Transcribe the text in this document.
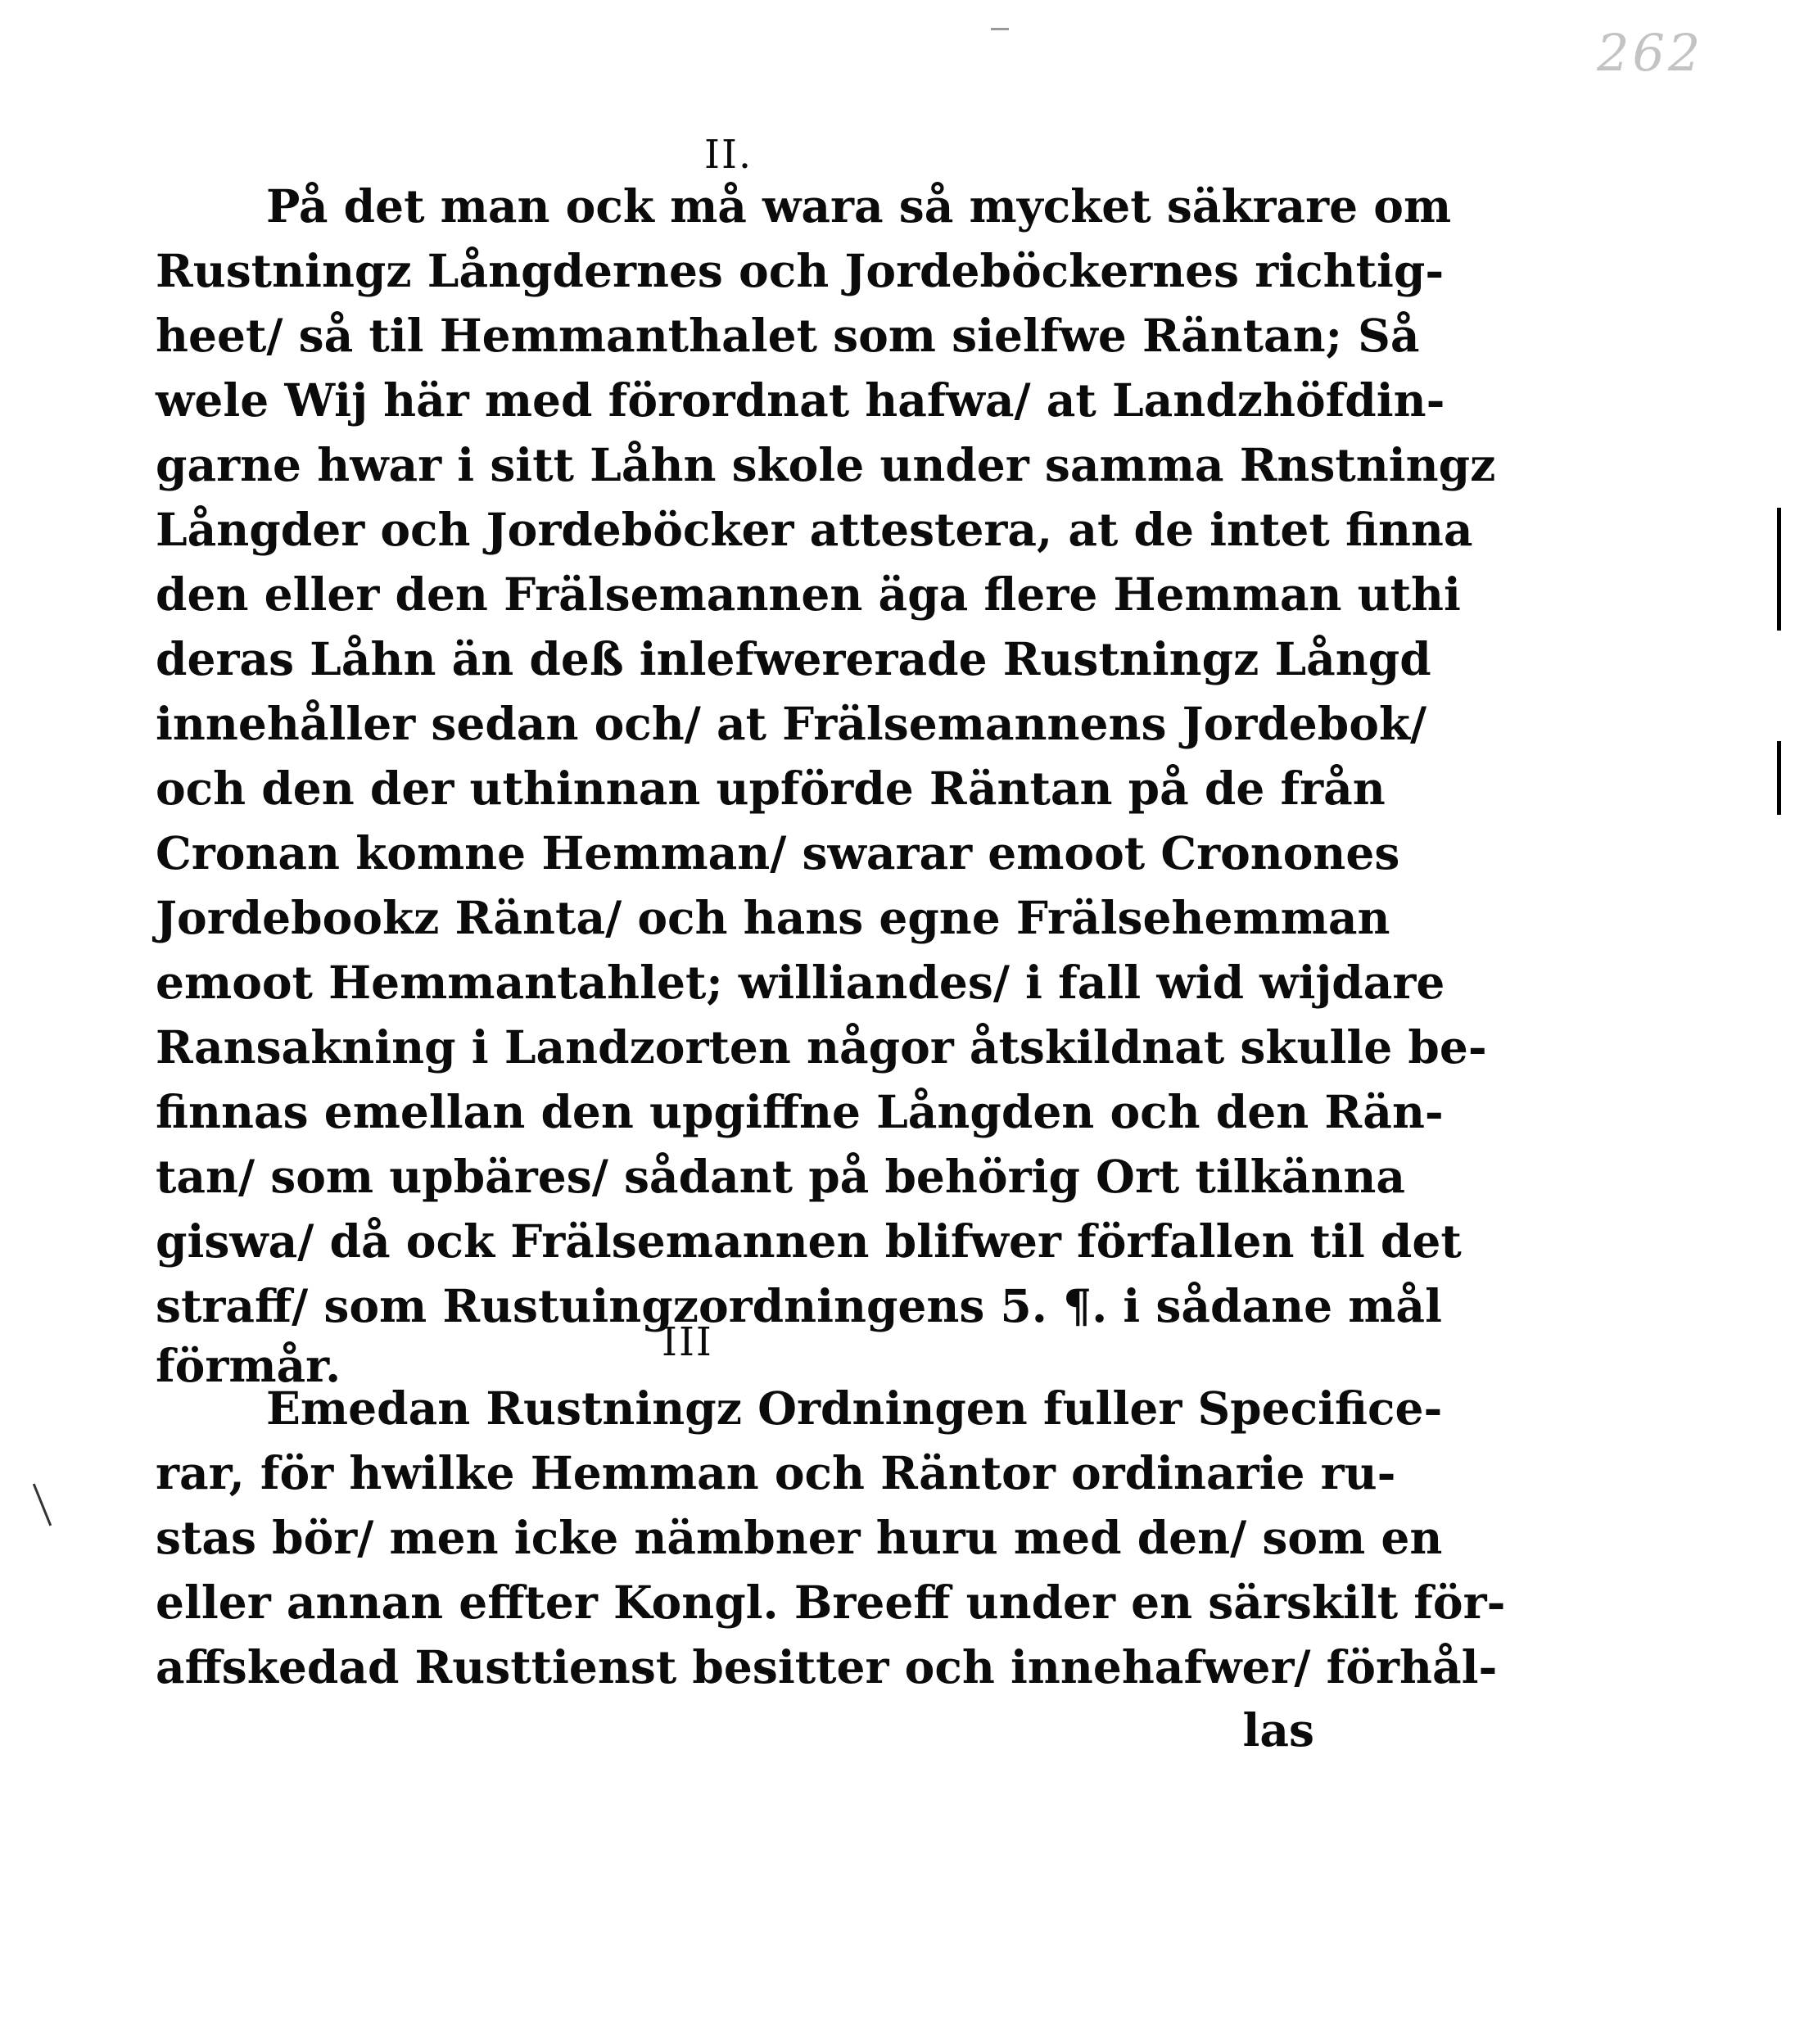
262
II.
På det man ock må wara så mycket säkrare om
Rustningz Långdernes och Jordeböckernes richtig-
heet/ så til Hemmanthalet som sielfwe Räntan; Så
wele Wij här med förordnat hafwa/ at Landzhöfdin-
garne hwar i sitt Låhn skole under samma Rnstningz
Långder och Jordeböcker attestera, at de intet finna
den eller den Frälsemannen äga flere Hemman uthi
deras Låhn än deß inlefwererade Rustningz Långd
innehåller sedan och/ at Frälsemannens Jordebok/
och den der uthinnan upförde Räntan på de från
Cronan komne Hemman/ swarar emoot Cronones
Jordebookz Ränta/ och hans egne Frälsehemman
emoot Hemmantahlet; williandes/ i fall wid wijdare
Ransakning i Landzorten någor åtskildnat skulle be-
finnas emellan den upgiffne Långden och den Rän-
tan/ som upbäres/ sådant på behörig Ort tilkänna
giswa/ då ock Frälsemannen blifwer förfallen til det
straff/ som Rustuingzordningens 5. ¶. i sådane mål
förmår.	III
Emedan Rustningz Ordningen fuller Specifice-
rar, för hwilke Hemman och Räntor ordinarie ru-
stas bör/ men icke nämbner huru med den/ som en
eller annan effter Kongl. Breeff under en särskilt för-
affskedad Rusttienst besitter och innehafwer/ förhål-
las
